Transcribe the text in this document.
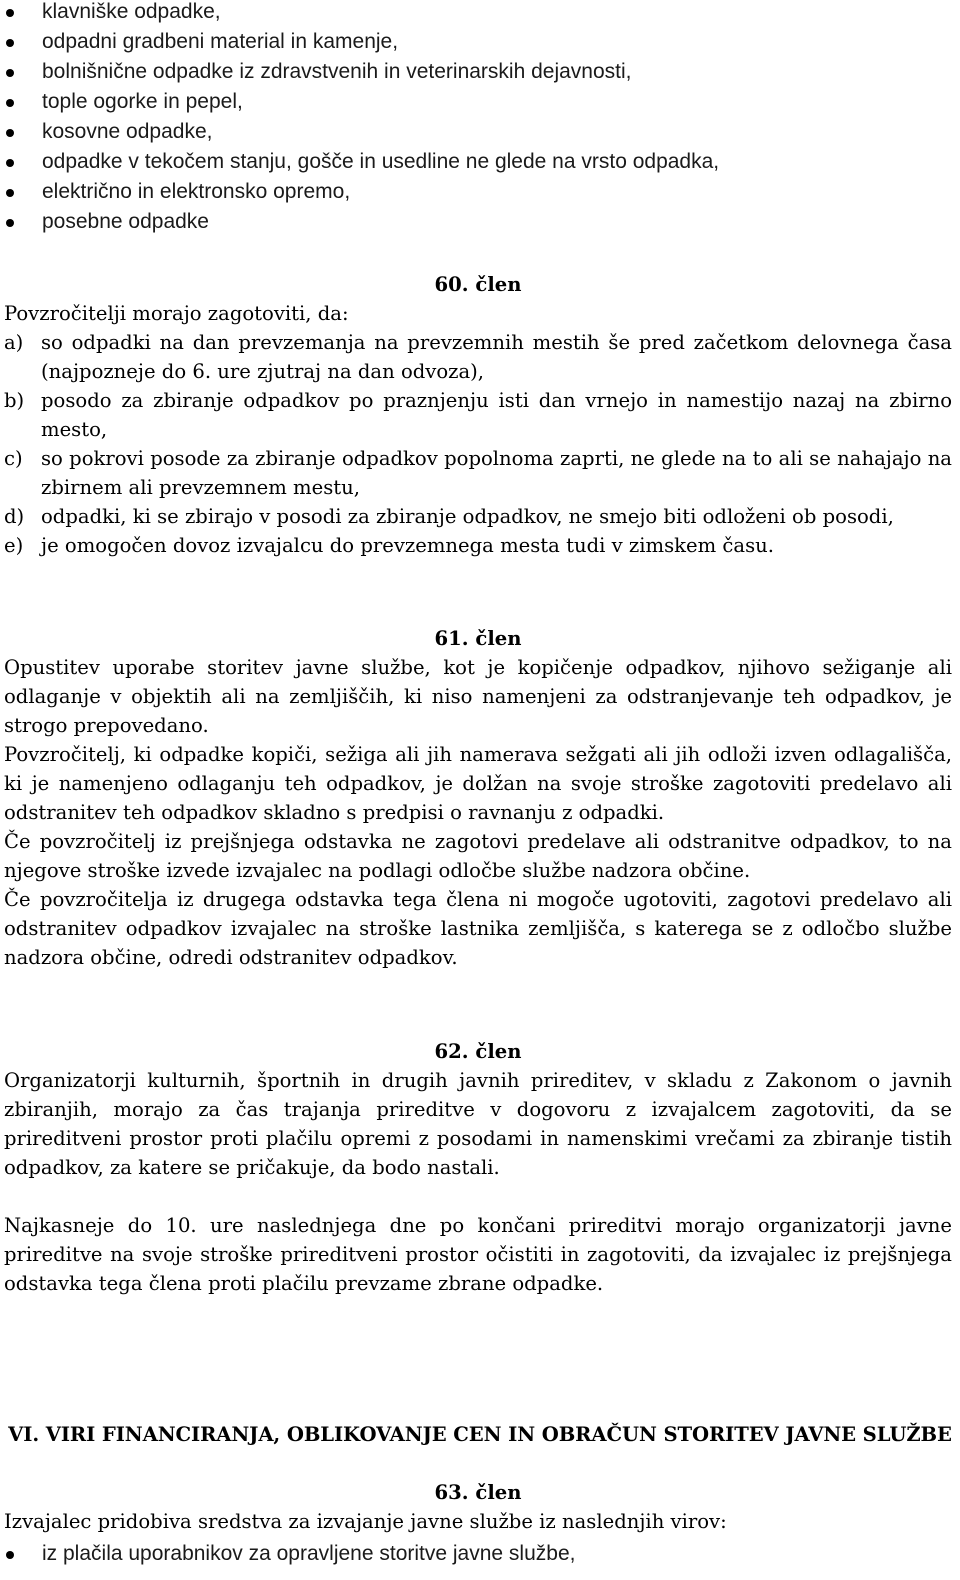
klavniške odpadke,
odpadni gradbeni material in kamenje,
bolnišnične odpadke iz zdravstvenih in veterinarskih dejavnosti,
tople ogorke in pepel,
kosovne odpadke,
odpadke v tekočem stanju, gošče in usedline ne glede na vrsto odpadka,
električno in elektronsko opremo,
posebne odpadke
60. člen
Povzročitelji morajo zagotoviti, da:
a) so odpadki na dan prevzemanja na prevzemnih mestih še pred začetkom delovnega časa (najpozneje do 6. ure zjutraj na dan odvoza),
b) posodo za zbiranje odpadkov po praznjenju isti dan vrnejo in namestijo nazaj na zbirno mesto,
c) so pokrovi posode za zbiranje odpadkov popolnoma zaprti, ne glede na to ali se nahajajo na zbirnem ali prevzemnem mestu,
d) odpadki, ki se zbirajo v posodi za zbiranje odpadkov, ne smejo biti odloženi ob posodi,
e) je omogočen dovoz izvajalcu do prevzemnega mesta tudi v zimskem času.
61. člen
Opustitev uporabe storitev javne službe, kot je kopičenje odpadkov, njihovo sežiganje ali odlaganje v objektih ali na zemljiščih, ki niso namenjeni za odstranjevanje teh odpadkov, je strogo prepovedano.
Povzročitelj, ki odpadke kopiči, sežiga ali jih namerava sežgati ali jih odloži izven odlagališča, ki je namenjeno odlaganju teh odpadkov, je dolžan na svoje stroške zagotoviti predelavo ali odstranitev teh odpadkov skladno s predpisi o ravnanju z odpadki.
Če povzročitelj iz prejšnjega odstavka ne zagotovi predelave ali odstranitve odpadkov, to na njegove stroške izvede izvajalec na podlagi odločbe službe nadzora občine.
Če povzročitelja iz drugega odstavka tega člena ni mogoče ugotoviti, zagotovi predelavo ali odstranitev odpadkov izvajalec na stroške lastnika zemljišča, s katerega se z odločbo službe nadzora občine, odredi odstranitev odpadkov.
62. člen
Organizatorji kulturnih, športnih in drugih javnih prireditev, v skladu z Zakonom o javnih zbiranjih, morajo za čas trajanja prireditve v dogovoru z izvajalcem zagotoviti, da se prireditveni prostor proti plačilu opremi z posodami in namenskimi vrečami za zbiranje tistih odpadkov, za katere se pričakuje, da bodo nastali.
Najkasneje do 10. ure naslednjega dne po končani prireditvi morajo organizatorji javne prireditve na svoje stroške prireditveni prostor očistiti in zagotoviti, da izvajalec iz prejšnjega odstavka tega člena proti plačilu prevzame zbrane odpadke.
VI. VIRI FINANCIRANJA, OBLIKOVANJE CEN IN OBRAČUN STORITEV JAVNE SLUŽBE
63. člen
Izvajalec pridobiva sredstva za izvajanje javne službe iz naslednjih virov:
iz plačila uporabnikov za opravljene storitve javne službe,
